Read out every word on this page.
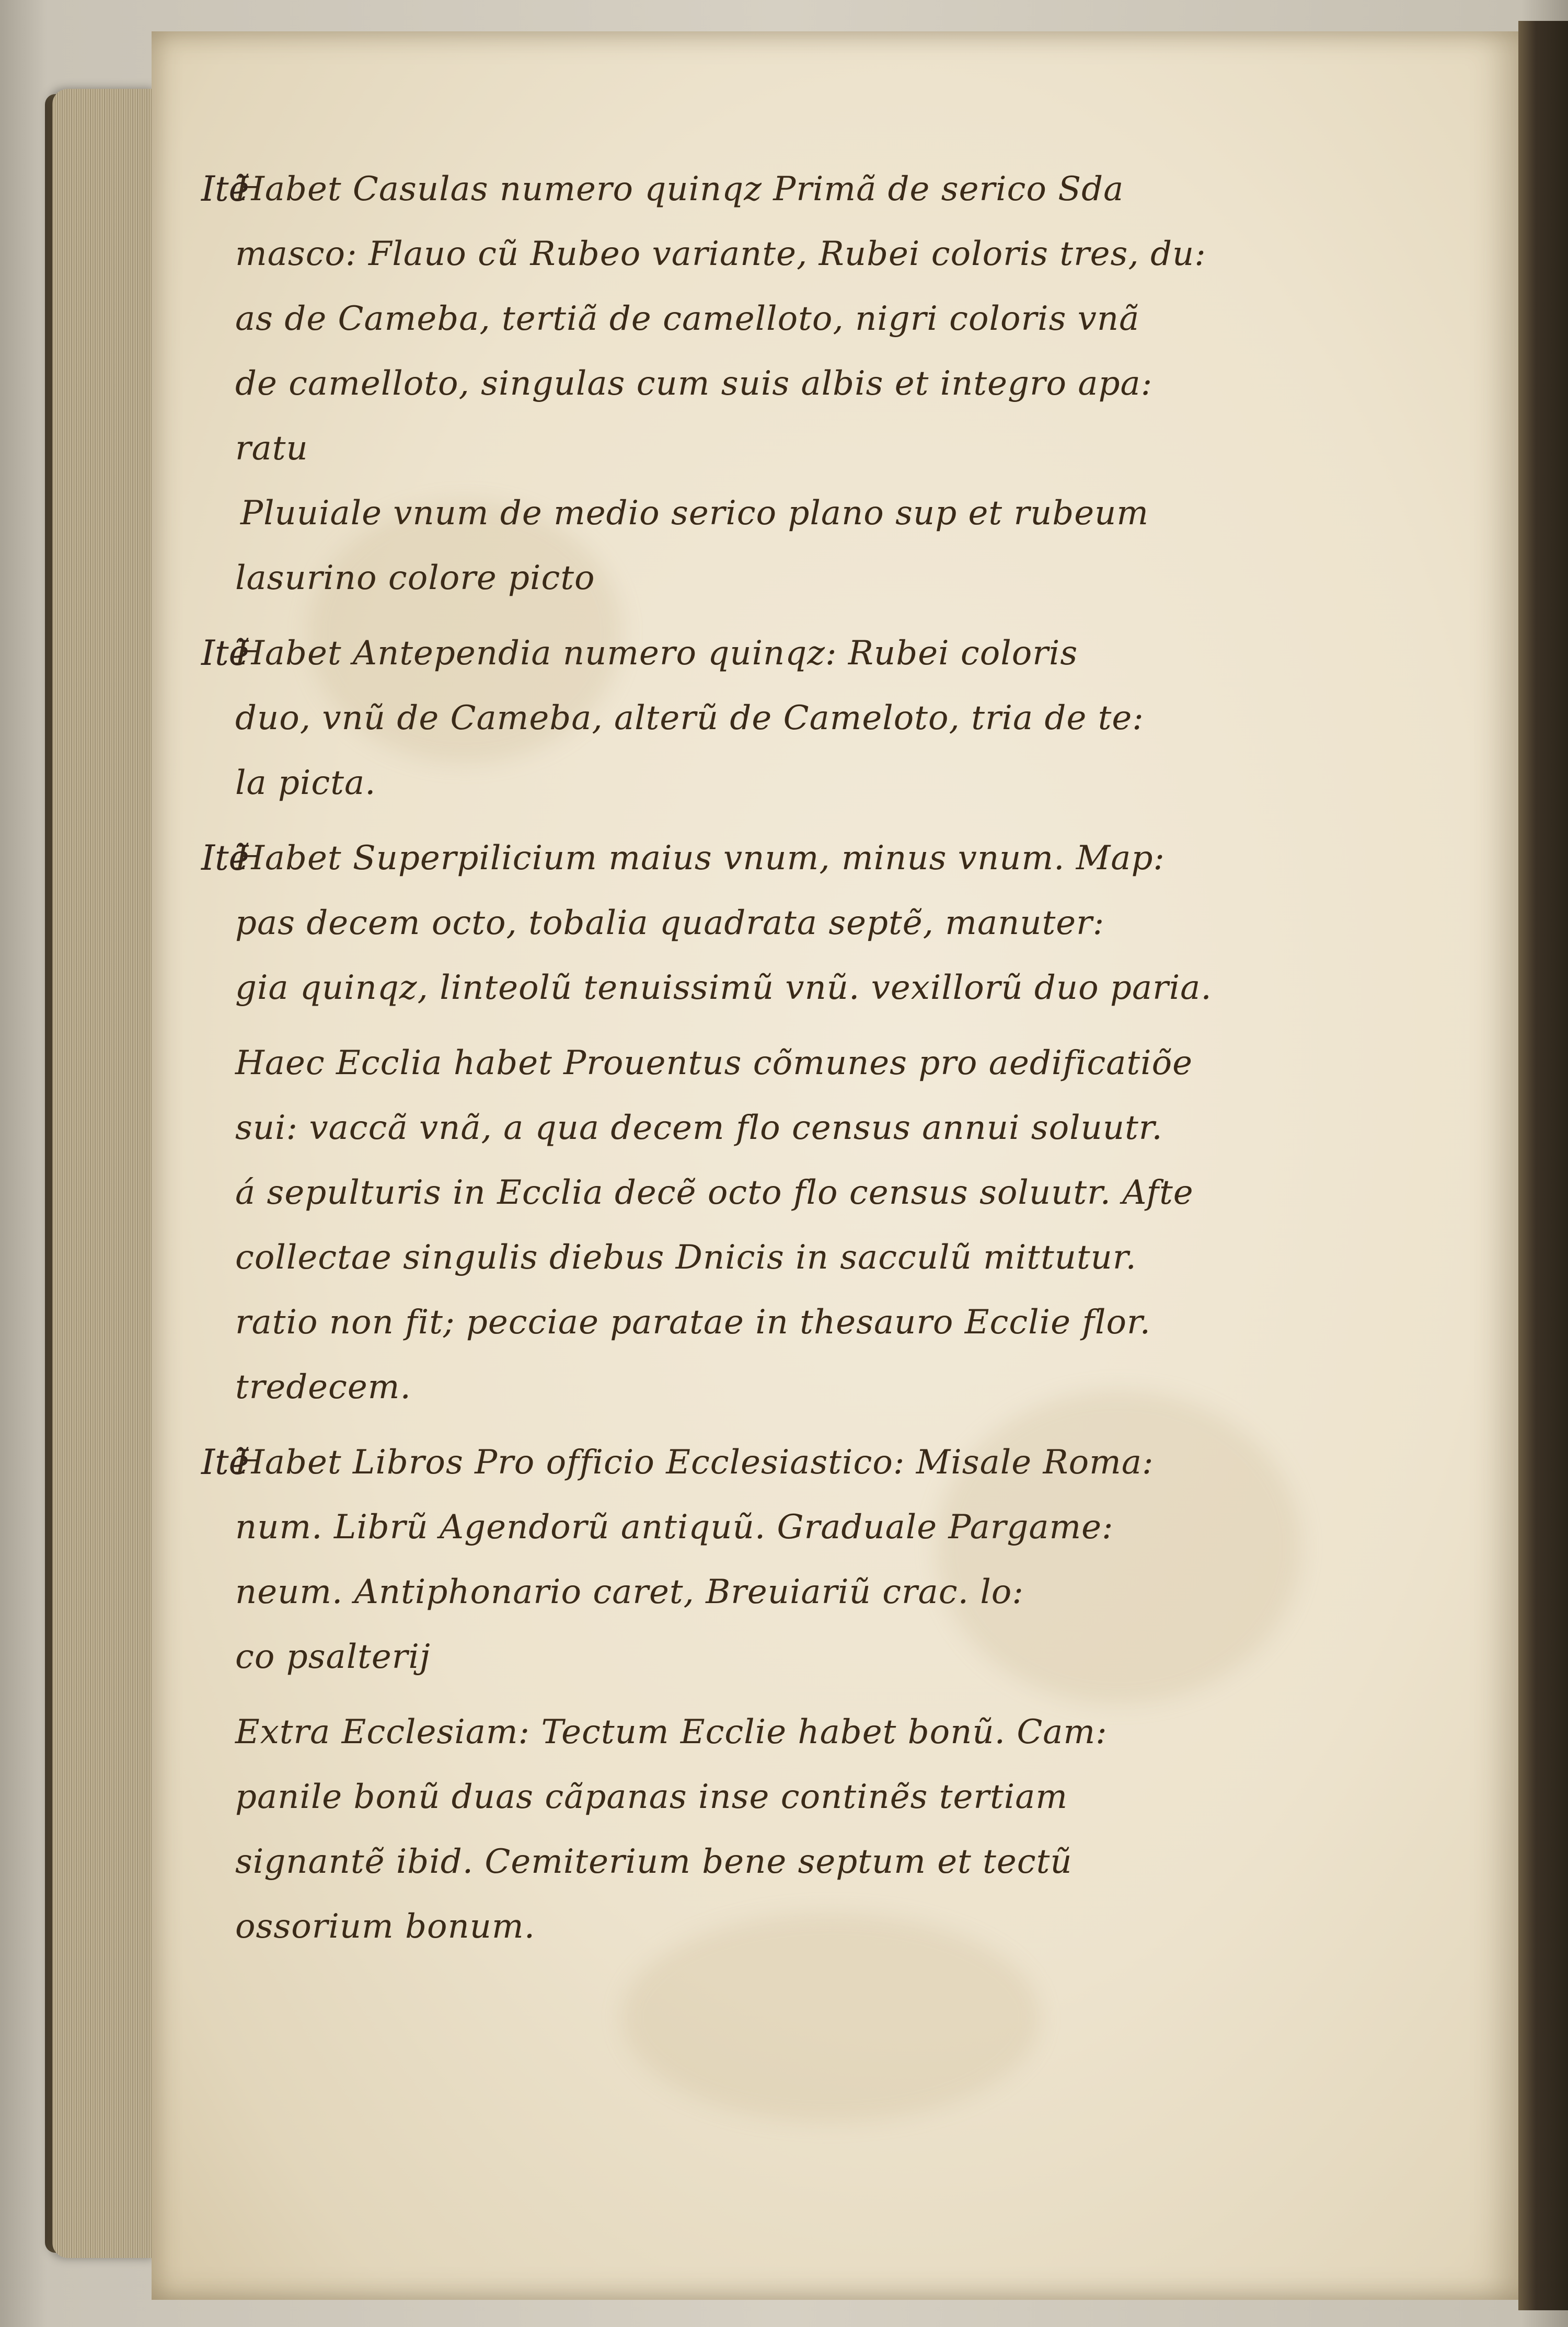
Itẽ
Habet Casulas numero quinqz Primã de serico Sda
masco: Flauo cũ Rubeo variante, Rubei coloris tres, du:
as de Cameba, tertiã de camelloto, nigri coloris vnã
de camelloto, singulas cum suis albis et integro apa:
ratu
Pluuiale vnum de medio serico plano sup et rubeum
lasurino colore picto
Itẽ
Habet Antependia numero quinqz: Rubei coloris
duo, vnũ de Cameba, alterũ de Cameloto, tria de te:
la picta.
Itẽ
Habet Superpilicium maius vnum, minus vnum. Map:
pas decem octo, tobalia quadrata septẽ, manuter:
gia quinqz, linteolũ tenuissimũ vnũ. vexillorũ duo paria.
Haec Ecclia habet Prouentus cõmunes pro aedificatiõe
sui: vaccã vnã, a qua decem flo census annui soluutr.
á sepulturis in Ecclia decẽ octo flo census soluutr. Afte
collectae singulis diebus Dnicis in sacculũ mittutur.
ratio non fit; pecciae paratae in thesauro Ecclie flor.
tredecem.
Itẽ
Habet Libros Pro officio Ecclesiastico: Misale Roma:
num. Librũ Agendorũ antiquũ. Graduale Pargame:
neum. Antiphonario caret, Breuiariũ crac. lo:
co psalterij
Extra Ecclesiam: Tectum Ecclie habet bonũ. Cam:
panile bonũ duas cãpanas inse continẽs tertiam
signantẽ ibid. Cemiterium bene septum et tectũ
ossorium bonum.
